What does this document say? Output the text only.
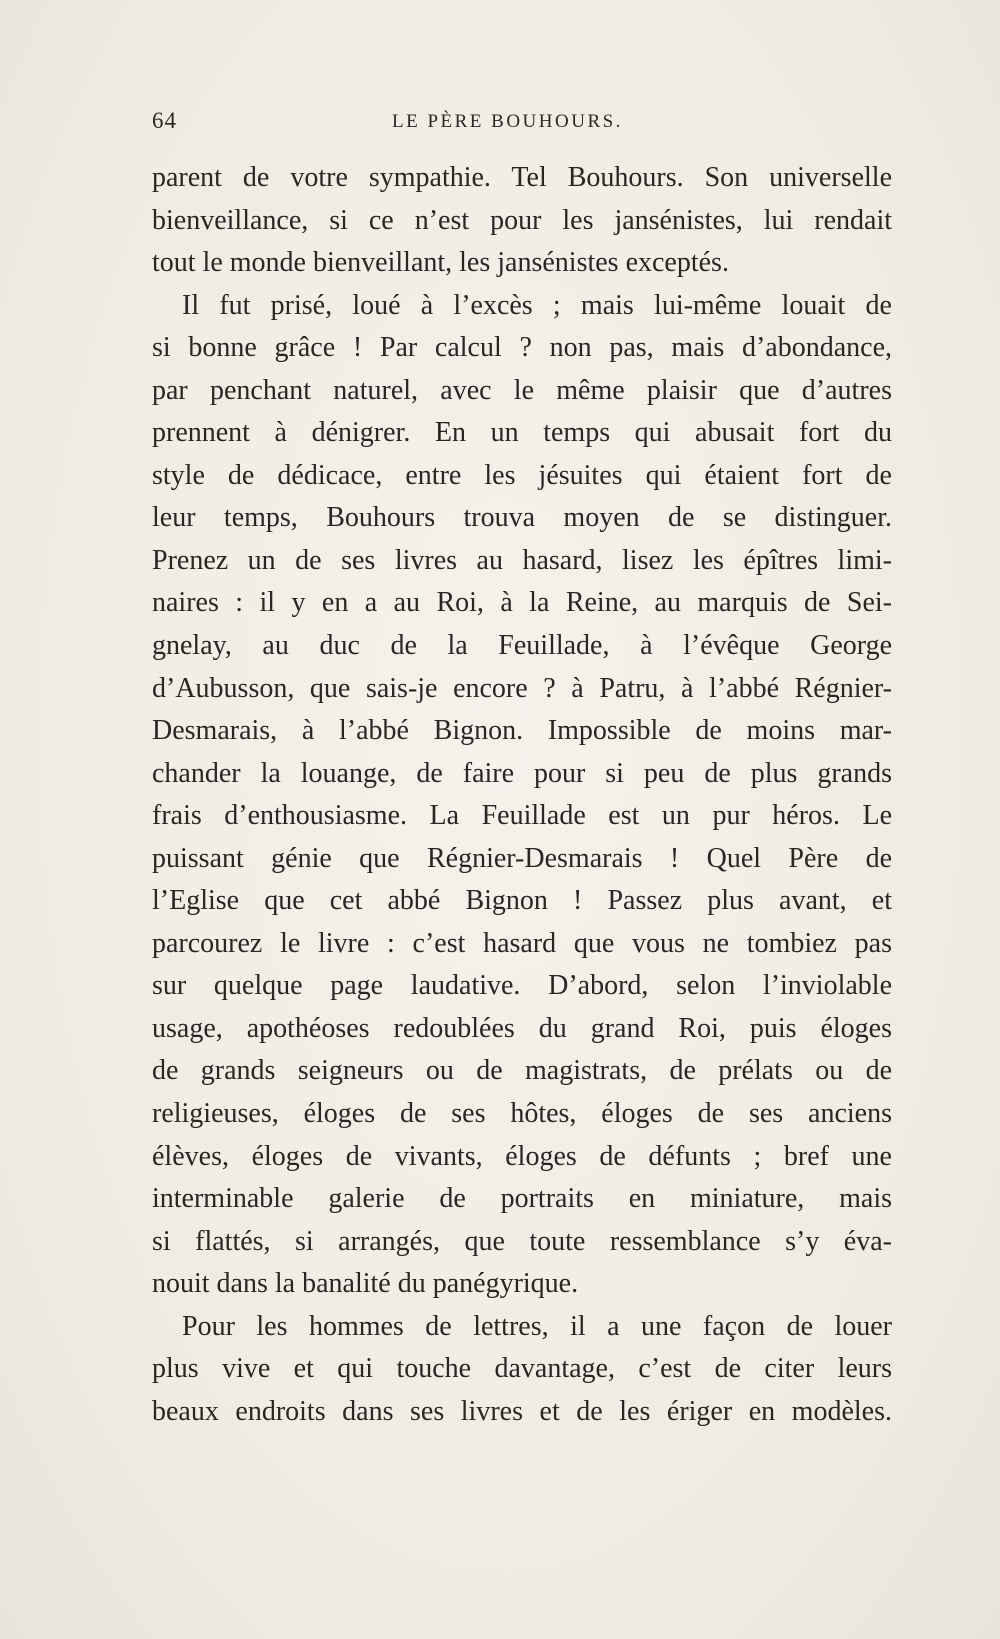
64	LE PÈRE BOUHOURS.
parent de votre sympathie. Tel Bouhours. Son universelle
bienveillance, si ce n’est pour les jansénistes, lui rendait
tout le monde bienveillant, les jansénistes exceptés.
Il fut prisé, loué à l’excès ; mais lui-même louait de
si bonne grâce ! Par calcul ? non pas, mais d’abondance,
par penchant naturel, avec le même plaisir que d’autres
prennent à dénigrer. En un temps qui abusait fort du
style de dédicace, entre les jésuites qui étaient fort de
leur temps, Bouhours trouva moyen de se distinguer.
Prenez un de ses livres au hasard, lisez les épîtres limi-
naires : il y en a au Roi, à la Reine, au marquis de Sei-
gnelay, au duc de la Feuillade, à l’évêque George
d’Aubusson, que sais-je encore ? à Patru, à l’abbé Régnier-
Desmarais, à l’abbé Bignon. Impossible de moins mar-
chander la louange, de faire pour si peu de plus grands
frais d’enthousiasme. La Feuillade est un pur héros. Le
puissant génie que Régnier-Desmarais ! Quel Père de
l’Eglise que cet abbé Bignon ! Passez plus avant, et
parcourez le livre : c’est hasard que vous ne tombiez pas
sur quelque page laudative. D’abord, selon l’inviolable
usage, apothéoses redoublées du grand Roi, puis éloges
de grands seigneurs ou de magistrats, de prélats ou de
religieuses, éloges de ses hôtes, éloges de ses anciens
élèves, éloges de vivants, éloges de défunts ; bref une
interminable galerie de portraits en miniature, mais
si flattés, si arrangés, que toute ressemblance s’y éva-
nouit dans la banalité du panégyrique.
Pour les hommes de lettres, il a une façon de louer
plus vive et qui touche davantage, c’est de citer leurs
beaux endroits dans ses livres et de les ériger en modèles.
